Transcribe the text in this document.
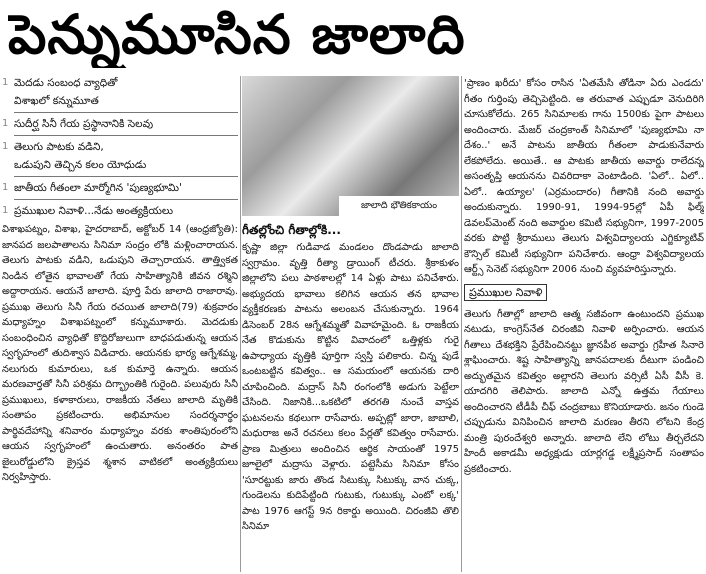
పెన్నుమూసిన జాలాది
1 మెదడు సంబంధ వ్యాధితో
విశాఖలో కన్నుమూత
1 సుదీర్ఘ సినీ గేయ ప్రస్థానానికి సెలవు
1 తెలుగు పాటకు వడిని,
ఒడుపుని తెచ్చిన కలం యోధుడు
1 జాతీయ గీతంలా మార్మోగిన 'పుణ్యభూమి'
1 ప్రముఖుల నివాళి...నేడు అంత్యక్రియలు
విశాఖపట్నం, విశాఖ, హైదరాబాద్, అక్టోబర్ 14 (ఆంధ్రజ్యోతి): జానపద జలపాతాలను సినిమా సంద్రం లోకి మళ్లించారాయన. తెలుగు పాటకు వడిని, ఒడుపుని తెచ్చారాయన. తాత్త్వికత నిండిన లోతైన భావాలతో గేయ సాహిత్యానికి జీవన రశ్మిని అద్దారాయన. ఆయనే జాలాది. పూర్తి పేరు జాలాది రాజారావు. ప్రముఖ తెలుగు సినీ గేయ రచయిత జాలాది(79) శుక్రవారం మధ్యాహ్నం విశాఖపట్నంలో కన్నుమూశారు. మెదడుకు సంబంధించిన వ్యాధితో కొద్దిరోజులుగా బాధపడుతున్న ఆయన స్వగృహంలో తుదిశ్వాస విడిచారు. ఆయనకు భార్య ఆగ్నేశమ్మ, నలుగురు కుమారులు, ఒక కుమార్తె ఉన్నారు. ఆయన మరణవార్తతో సినీ పరిశ్రమ దిగ్భ్రాంతికి గురైంది. పలువురు సినీ ప్రముఖులు, కళాకారులు, రాజకీయ నేతలు జాలాది మృతికి సంతాపం ప్రకటించారు. అభిమానుల సందర్శనార్థం పార్థివదేహాన్ని శనివారం మధ్యాహ్నం వరకు శాంతిపురంలోని ఆయన స్వగృహంలో ఉంచుతారు. అనంతరం పాత జైలురోడ్డులోని క్రైస్తవ శ్మశాన వాటికలో అంత్యక్రియలు నిర్వహిస్తారు.
జాలాది భౌతికకాయం
గీతల్లోంచి గీతాల్లోకి...
కృష్ణా జిల్లా గుడివాడ మండలం దొండపాడు జాలాది స్వగ్రామం. వృత్తి రీత్యా డ్రాయింగ్ టీచరు. శ్రీకాకుళం జిల్లాలోని పలు పాఠశాలల్లో 14 ఏళ్లు పాటు పనిచేశారు. అభ్యుదయ భావాలు కలిగిన ఆయన తన భావాల వ్యక్తీకరణకు పాటను అలంబన చేసుకున్నారు. 1964 డిసెంబర్ 28న ఆగ్నేశమ్మతో వివాహమైంది. ఓ రాజకీయ నేత కొడుకును కొట్టిన వివాదంలో ఒత్తిళ్లకు గురై ఉపాధ్యాయ వృత్తికి పూర్తిగా స్వస్తి పలికారు. చిన్న పుడే ఒంటబట్టిన కవిత్వం.. ఆ సమయంలో ఆయనకు దారి చూపించింది. మద్రాస్ సినీ రంగంలోకి అడుగు పెట్టేలా చేసింది. నిజానికి...ఒకటిలో తరగతి నుంచే వాస్తవ ఘటనలను కథలుగా రాసేవారు. అప్పట్లో జారా, జాబాలి, మధురాజ అనే రచనలు కలం పేర్లతో కవిత్వం రాసేవారు. ప్రాణ మిత్రులు అందించిన ఆర్థిక సాయంతో 1975 జూలైలో మద్రాసు వెళ్లారు. పట్టెసీమ సినిమా కోసం 'సూరట్టుకు జారు తొండ సిటుక్కు సిటుక్కు వాన చుక్క, గుండెలను కుదిపేట్టింది గుటుకు, గుటుక్కు ఎంటో లక్క' పాట 1976 ఆగస్ట్ 9న రికార్డు అయింది. చిరంజీవి తొలి సినిమా
'ప్రాణం ఖరీదు' కోసం రాసిన 'ఏతమేసి తోడినా ఏరు ఎండదు' గీతం గుర్తింపు తెచ్చిపెట్టింది. ఆ తరువాత ఎప్పుడూ వెనుదిరిగి చూసుకోలేదు. 265 సినిమాలకు గాను 1500కు పైగా పాటలు అందించారు. మేజర్ చంద్రకాంత్ సినిమాలో 'పుణ్యభూమి నా దేశం..' అనే పాటను జాతీయ గీతంలా పాడుకునేవారు లేకపోలేదు. అయితే.. ఆ పాటకు జాతీయ అవార్డు రాలేదన్న అసంతృప్తి ఆయనను చివరిదాకా వెంటాడింది. 'ఏలో.. ఏలో.. ఏలో.. ఉయ్యాల' (ఎర్రమందారం) గీతానికి నంది అవార్డు అందుకున్నారు. 1990-91, 1994-95ల్లో ఏపీ ఫిల్మ్ డెవలప్‌మెంట్ నంది అవార్డుల కమిటీ సభ్యునిగా, 1997-2005 వరకు పొట్టి శ్రీరాములు తెలుగు విశ్వవిద్యాలయ ఎగ్జిక్యూటివ్ కౌన్సిల్ కమిటీ సభ్యునిగా పనిచేశారు. ఆంధ్రా విశ్వవిద్యాలయ ఆర్ట్స్ సెనెట్ సభ్యునిగా 2006 నుంచి వ్యవహరిస్తున్నారు.
ప్రముఖుల నివాళి
తెలుగు గీతాల్లో జాలాది ఆత్మ సజీవంగా ఉంటుందని ప్రముఖ నటుడు, కాంగ్రెస్‌నేత చిరంజీవి నివాళి అర్పించారు. ఆయన గీతాలు దేశభక్తిని ప్రేరేపించినట్టు జ్ఞానపీఠ అవార్డు గ్రహీత సినారె శ్లాఘించారు. శిష్ట సాహిత్యాన్ని జానపదాలకు దీటుగా పండించి అద్భుతమైన కవిత్వం అల్లారని తెలుగు వర్సిటీ ఏసీ వీసీ కె. యాదగిరి తెలిపారు. జాలాది ఎన్నో ఉత్తమ గేయాలు అందించారని టీడీపీ చీఫ్ చంద్రబాబు కొనియాడారు. జనం గుండె చప్పుడును వినిపించిన జాలాది మరణం తీరని లోటని కేంద్ర మంత్రి పురందేశ్వరి అన్నారు. జాలాది లేని లోటు తీర్చలేదని హిందీ అకాడమీ అధ్యక్షుడు యార్లగడ్డ లక్ష్మీప్రసాద్ సంతాపం ప్రకటించారు.
